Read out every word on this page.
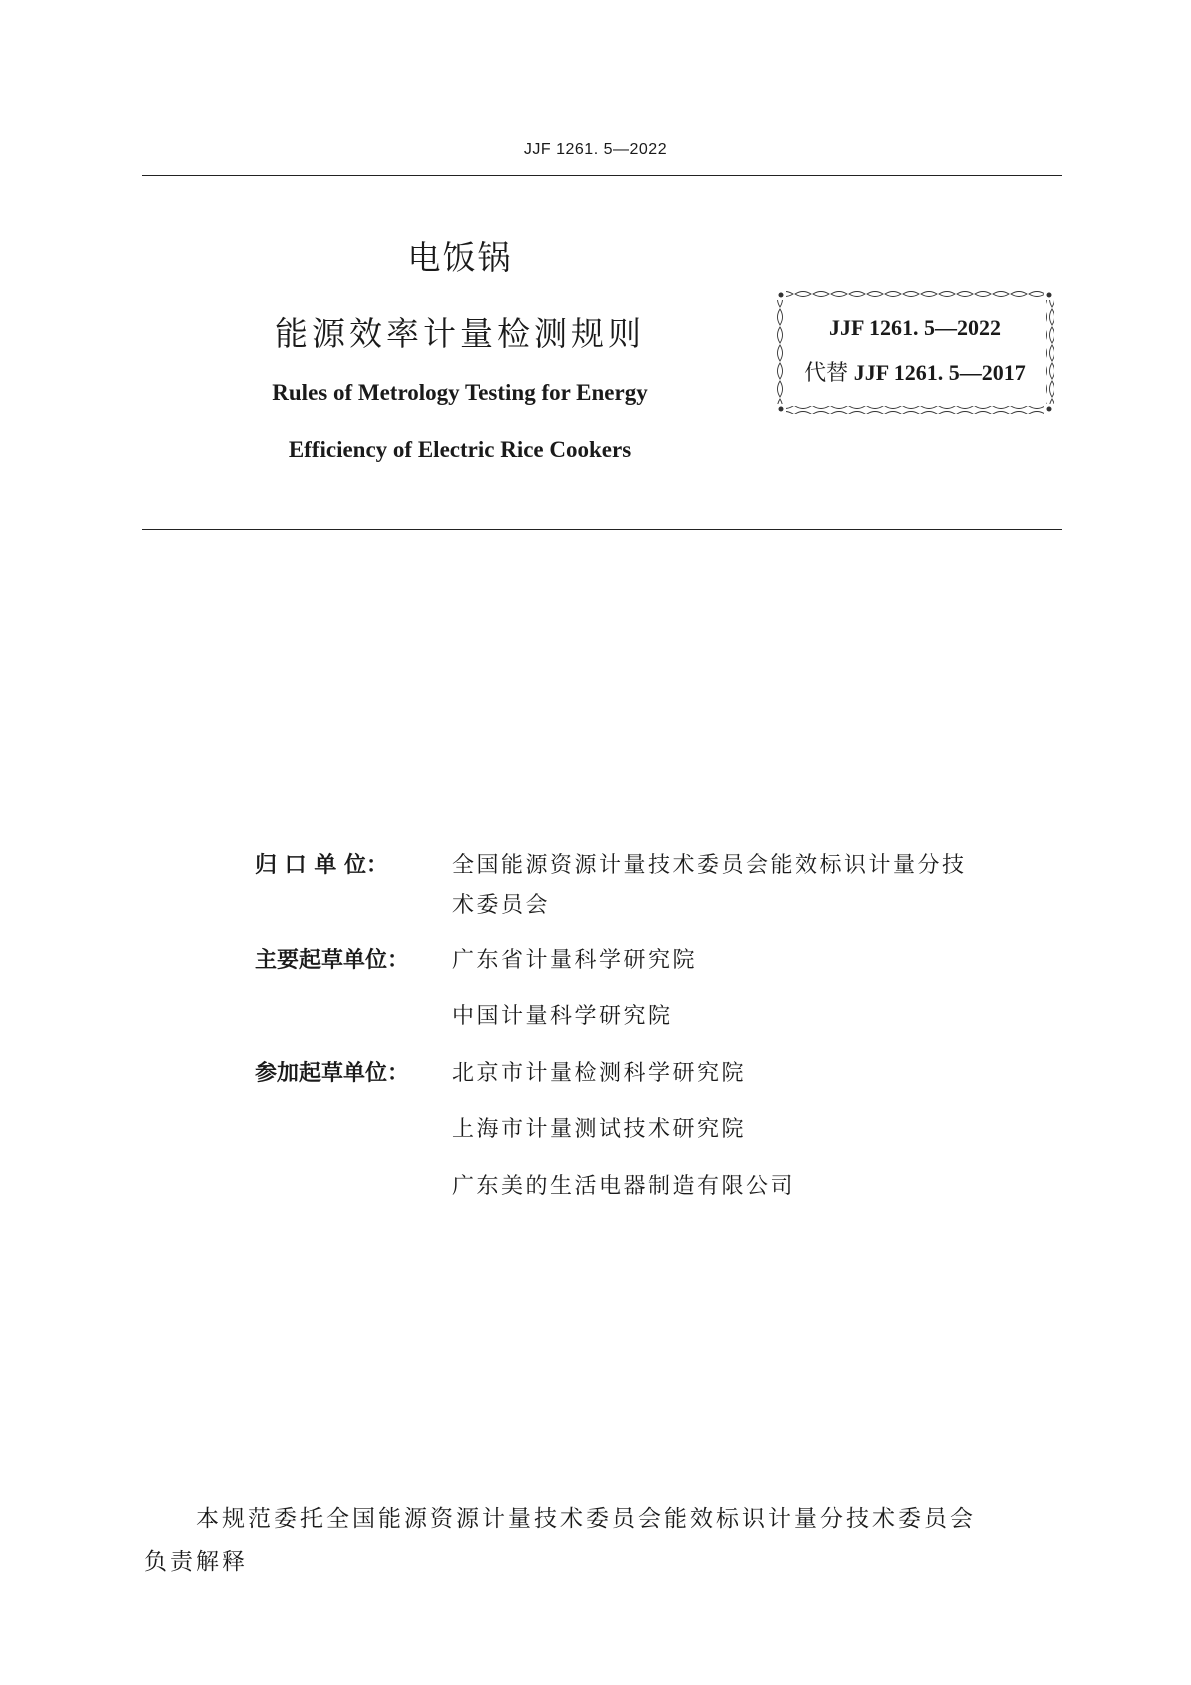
JJF 1261. 5—2022
电饭锅
能源效率计量检测规则
Rules of Metrology Testing for Energy
Efficiency of Electric Rice Cookers
JJF 1261. 5—2022
代替 JJF 1261. 5—2017
归 口 单 位：	全国能源资源计量技术委员会能效标识计量分技
术委员会
主要起草单位： 广东省计量科学研究院
中国计量科学研究院
参加起草单位： 北京市计量检测科学研究院
上海市计量测试技术研究院
广东美的生活电器制造有限公司
本规范委托全国能源资源计量技术委员会能效标识计量分技术委员会
负责解释
